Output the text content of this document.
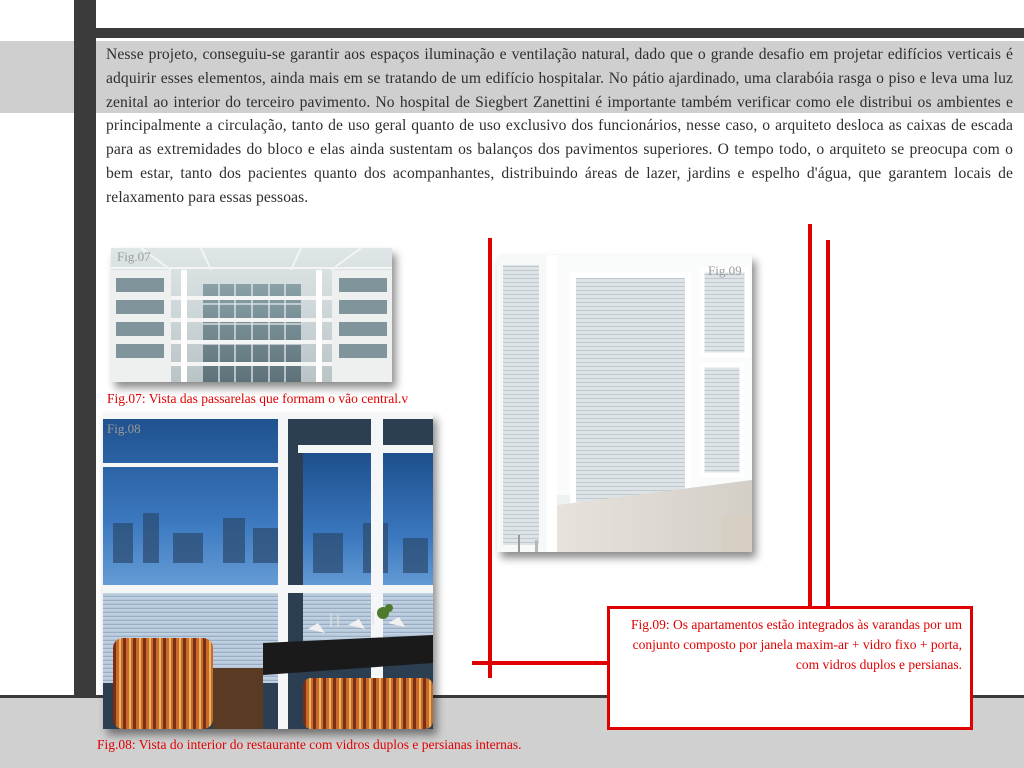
Nesse projeto, conseguiu-se garantir aos espaços iluminação e ventilação natural, dado que o grande desafio em projetar edifícios verticais é adquirir esses elementos, ainda mais em se tratando de um edifício hospitalar. No pátio ajardinado, uma clarabóia rasga o piso e leva uma luz zenital ao interior do terceiro pavimento. No hospital de Siegbert Zanettini é importante também verificar como ele distribui os ambientes e principalmente a circulação, tanto de uso geral quanto de uso exclusivo dos funcionários, nesse caso, o arquiteto desloca as caixas de escada para as extremidades do bloco e elas ainda sustentam os balanços dos pavimentos superiores. O tempo todo, o arquiteto se preocupa com o bem estar, tanto dos pacientes quanto dos acompanhantes, distribuindo áreas de lazer, jardins e espelho d'água, que garantem locais de relaxamento para essas pessoas.
Fig.07
Fig.07: Vista das passarelas que formam o vão central.v
Fig.08
Fig.08: Vista do interior do restaurante com vidros duplos e persianas internas.
Fig.09
Fig.09: Os apartamentos estão integrados às varandas por um conjunto composto por janela maxim-ar + vidro fixo + porta, com vidros duplos e persianas.
